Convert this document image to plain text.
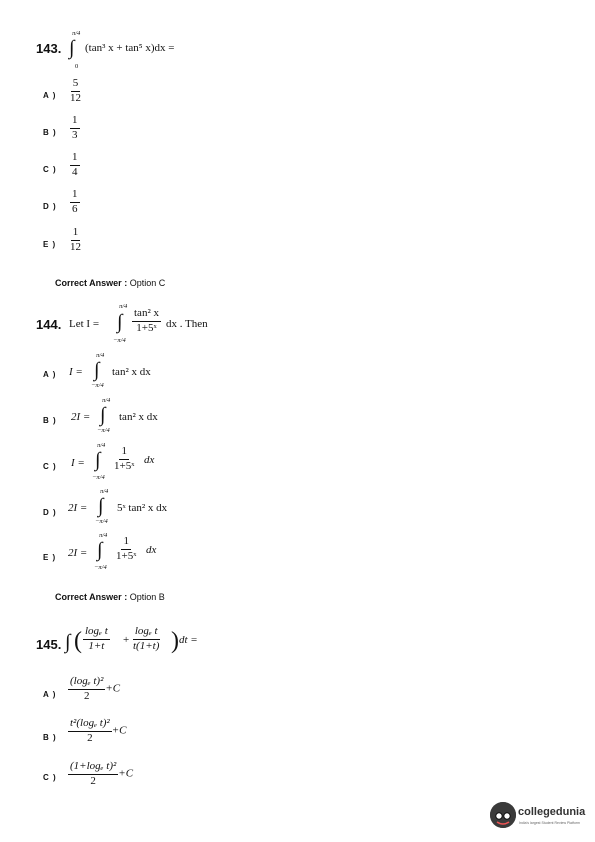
143.
π/4
∫
0
(tan³ x + tan⁵ x)dx =
A ) $\frac{5}{12}$
B ) $\frac{1}{3}$
C ) $\frac{1}{4}$
D ) $\frac{1}{6}$
E ) $\frac{1}{12}$
Correct Answer : Option C
144. Let I =
π/4
∫
−π/4
$\frac{\text{tan² x}}{\text{1+5ˣ}}$ dx . Then
A ) I =
π/4
∫
−π/4
tan² x dx
B ) 2I =
π/4
∫
−π/4
tan² x dx
C ) I =
π/4
∫
−π/4
$\frac{1}{\text{1+5ˣ}}$ dx
D ) 2I =
π/4
∫
−π/4
5ˣ tan² x dx
E ) 2I =
π/4
∫
−π/4
$\frac{1}{\text{1+5ˣ}}$ dx
Correct Answer : Option B
145. ∫ ( $\frac{\text{logₑ t}}{1+t} + \frac{\text{logₑ t}}{t(1+t)}$ ) dt =
A ) $\frac{\text{(logₑ t)²}}{2} +C$
B ) $\frac{\text{t²(logₑ t)²}}{2} +C$
C ) $\frac{\text{(1+logₑ t)²}}{2} +C$
collegedunia
India's largest Student Review Platform
